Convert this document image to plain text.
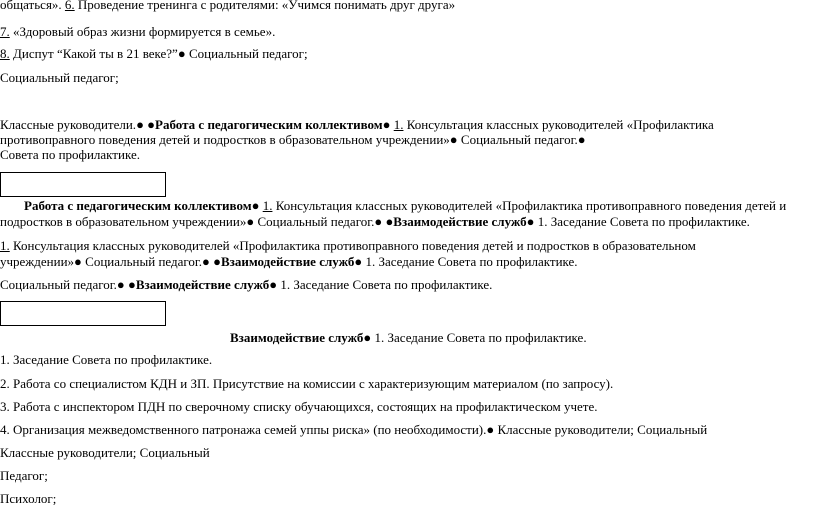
общаться». 6. Проведение тренинга с родителями: «Учимся понимать друг друга»
7. «Здоровый образ жизни формируется в семье».
8. Диспут “Какой ты в 21 веке?”● Социальный педагог;
Социальный педагог;
Классные руководители.● ●Работа с педагогическим коллективом● 1. Консультация классных руководителей «Профилактика
противоправного поведения детей и подростков в образовательном учреждении»● Социальный педагог.●
Совета по профилактике.
Работа с педагогическим коллективом● 1. Консультация классных руководителей «Профилактика противоправного поведения детей и
подростков в образовательном учреждении»● Социальный педагог.● ●Взаимодействие служб● 1. Заседание Совета по профилактике.
1. Консультация классных руководителей «Профилактика противоправного поведения детей и подростков в образовательном
учреждении»● Социальный педагог.● ●Взаимодействие служб● 1. Заседание Совета по профилактике.
Социальный педагог.● ●Взаимодействие служб● 1. Заседание Совета по профилактике.
Взаимодействие служб● 1. Заседание Совета по профилактике.
1. Заседание Совета по профилактике.
2. Работа со специалистом КДН и ЗП. Присутствие на комиссии с характеризующим материалом (по запросу).
3. Работа с инспектором ПДН по сверочному списку обучающихся, состоящих на профилактическом учете.
4. Организация межведомственного патронажа семей уппы риска» (по необходимости).● Классные руководители; Социальный
Классные руководители; Социальный
Педагог;
Психолог;
